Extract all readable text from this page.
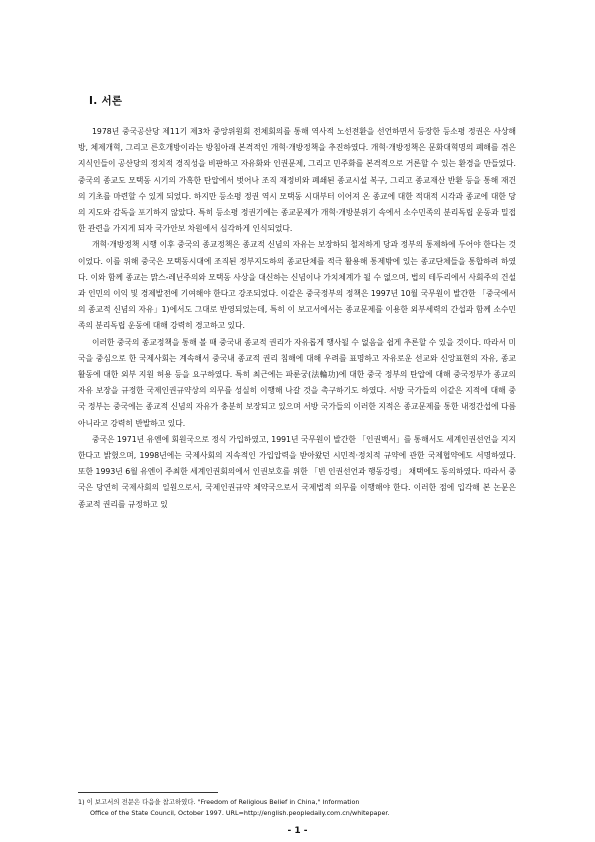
Ⅰ. 서론

1978년 중국공산당 제11기 제3차 중앙위원회 전체회의를 통해 역사적 노선전환을 선언하면서 등장한 등소평 정권은 사상해방, 체제개혁, 그리고 른호개방이라는 방침아래 본격적인 개혁·개방정책을 추진하였다. 개혁·개방정책은 문화대혁명의 폐해를 겪은 지식인들이 공산당의 정치적 경직성을 비판하고 자유화와 인권문제, 그리고 민주화를 본격적으로 거론할 수 있는 환경을 만들었다. 중국의 종교도 모택동 시기의 가혹한 탄압에서 벗어나 조직 재정비와 폐쇄된 종교시설 복구, 그리고 종교재산 반환 등을 통해 재건의 기초를 마련할 수 있게 되었다. 하지만 등소평 정권 역시 모택동 시대부터 이어져 온 종교에 대한 적대적 시각과 종교에 대한 당의 지도와 감독을 포기하지 않았다. 특히 등소평 정권기에는 종교문제가 개혁·개방분위기 속에서 소수민족의 분리독립 운동과 밀접한 관련을 가지게 되자 국가안보 차원에서 심각하게 인식되었다.

개혁·개방정책 시행 이후 중국의 종교정책은 종교적 신념의 자유는 보장하되 철저하게 당과 정부의 통제하에 두어야 한다는 것이었다. 이를 위해 중국은 모택동시대에 조직된 정부지도하의 종교단체를 적극 활용해 통제밖에 있는 종교단체들을 통합하려 하였다. 이와 함께 종교는 맑스-레닌주의와 모택동 사상을 대신하는 신념이나 가치체계가 될 수 없으며, 법의 테두리에서 사회주의 건설과 인민의 이익 및 경제발전에 기여해야 한다고 강조되었다. 이같은 중국정부의 정책은 1997년 10월 국무원이 발간한 「중국에서의 종교적 신념의 자유」1)에서도 그대로 반영되었는데, 특히 이 보고서에서는 종교문제를 이용한 외부세력의 간섭과 함께 소수민족의 분리독립 운동에 대해 강력히 경고하고 있다.

이러한 중국의 종교정책을 통해 볼 때 중국내 종교적 권리가 자유롭게 행사될 수 없음을 쉽게 추론할 수 있을 것이다. 따라서 미국을 중심으로 한 국제사회는 계속해서 중국내 종교적 권리 침해에 대해 우려를 표명하고 자유로운 선교와 신앙표현의 자유, 종교활동에 대한 외부 지원 허용 등을 요구하였다. 특히 최근에는 파룬궁(法輪功)에 대한 중국 정부의 탄압에 대해 중국정부가 종교의 자유 보장을 규정한 국제인권규약상의 의무를 성실히 이행해 나갈 것을 촉구하기도 하였다. 서방 국가들의 이같은 지적에 대해 중국 정부는 중국에는 종교적 신념의 자유가 충분히 보장되고 있으며 서방 국가들의 이러한 지적은 종교문제를 통한 내정간섭에 다름 아니라고 강력히 반발하고 있다.

중국은 1971년 유엔에 회원국으로 정식 가입하였고, 1991년 국무원이 발간한 「인권백서」를 통해서도 세계인권선언을 지지한다고 밝혔으며, 1998년에는 국제사회의 지속적인 가입압력을 받아왔던 시민적·정치적 규약에 관한 국제협약에도 서명하였다. 또한 1993년 6월 유엔이 주최한 세계인권회의에서 인권보호를 위한 「빈 인권선언과 행동강령」 채택에도 동의하였다. 따라서 중국은 당연히 국제사회의 일원으로서, 국제인권규약 체약국으로서 국제법적 의무를 이행해야 한다. 이러한 점에 입각해 본 논문은 종교적 권리를 규정하고 있

1) 이 보고서의 전문은 다음을 참고하였다. "Freedom of Religious Belief in China," Information
Office of the State Council, October 1997. URL=http://english.peopledaily.com.cn/whitepaper.
- 1 -
